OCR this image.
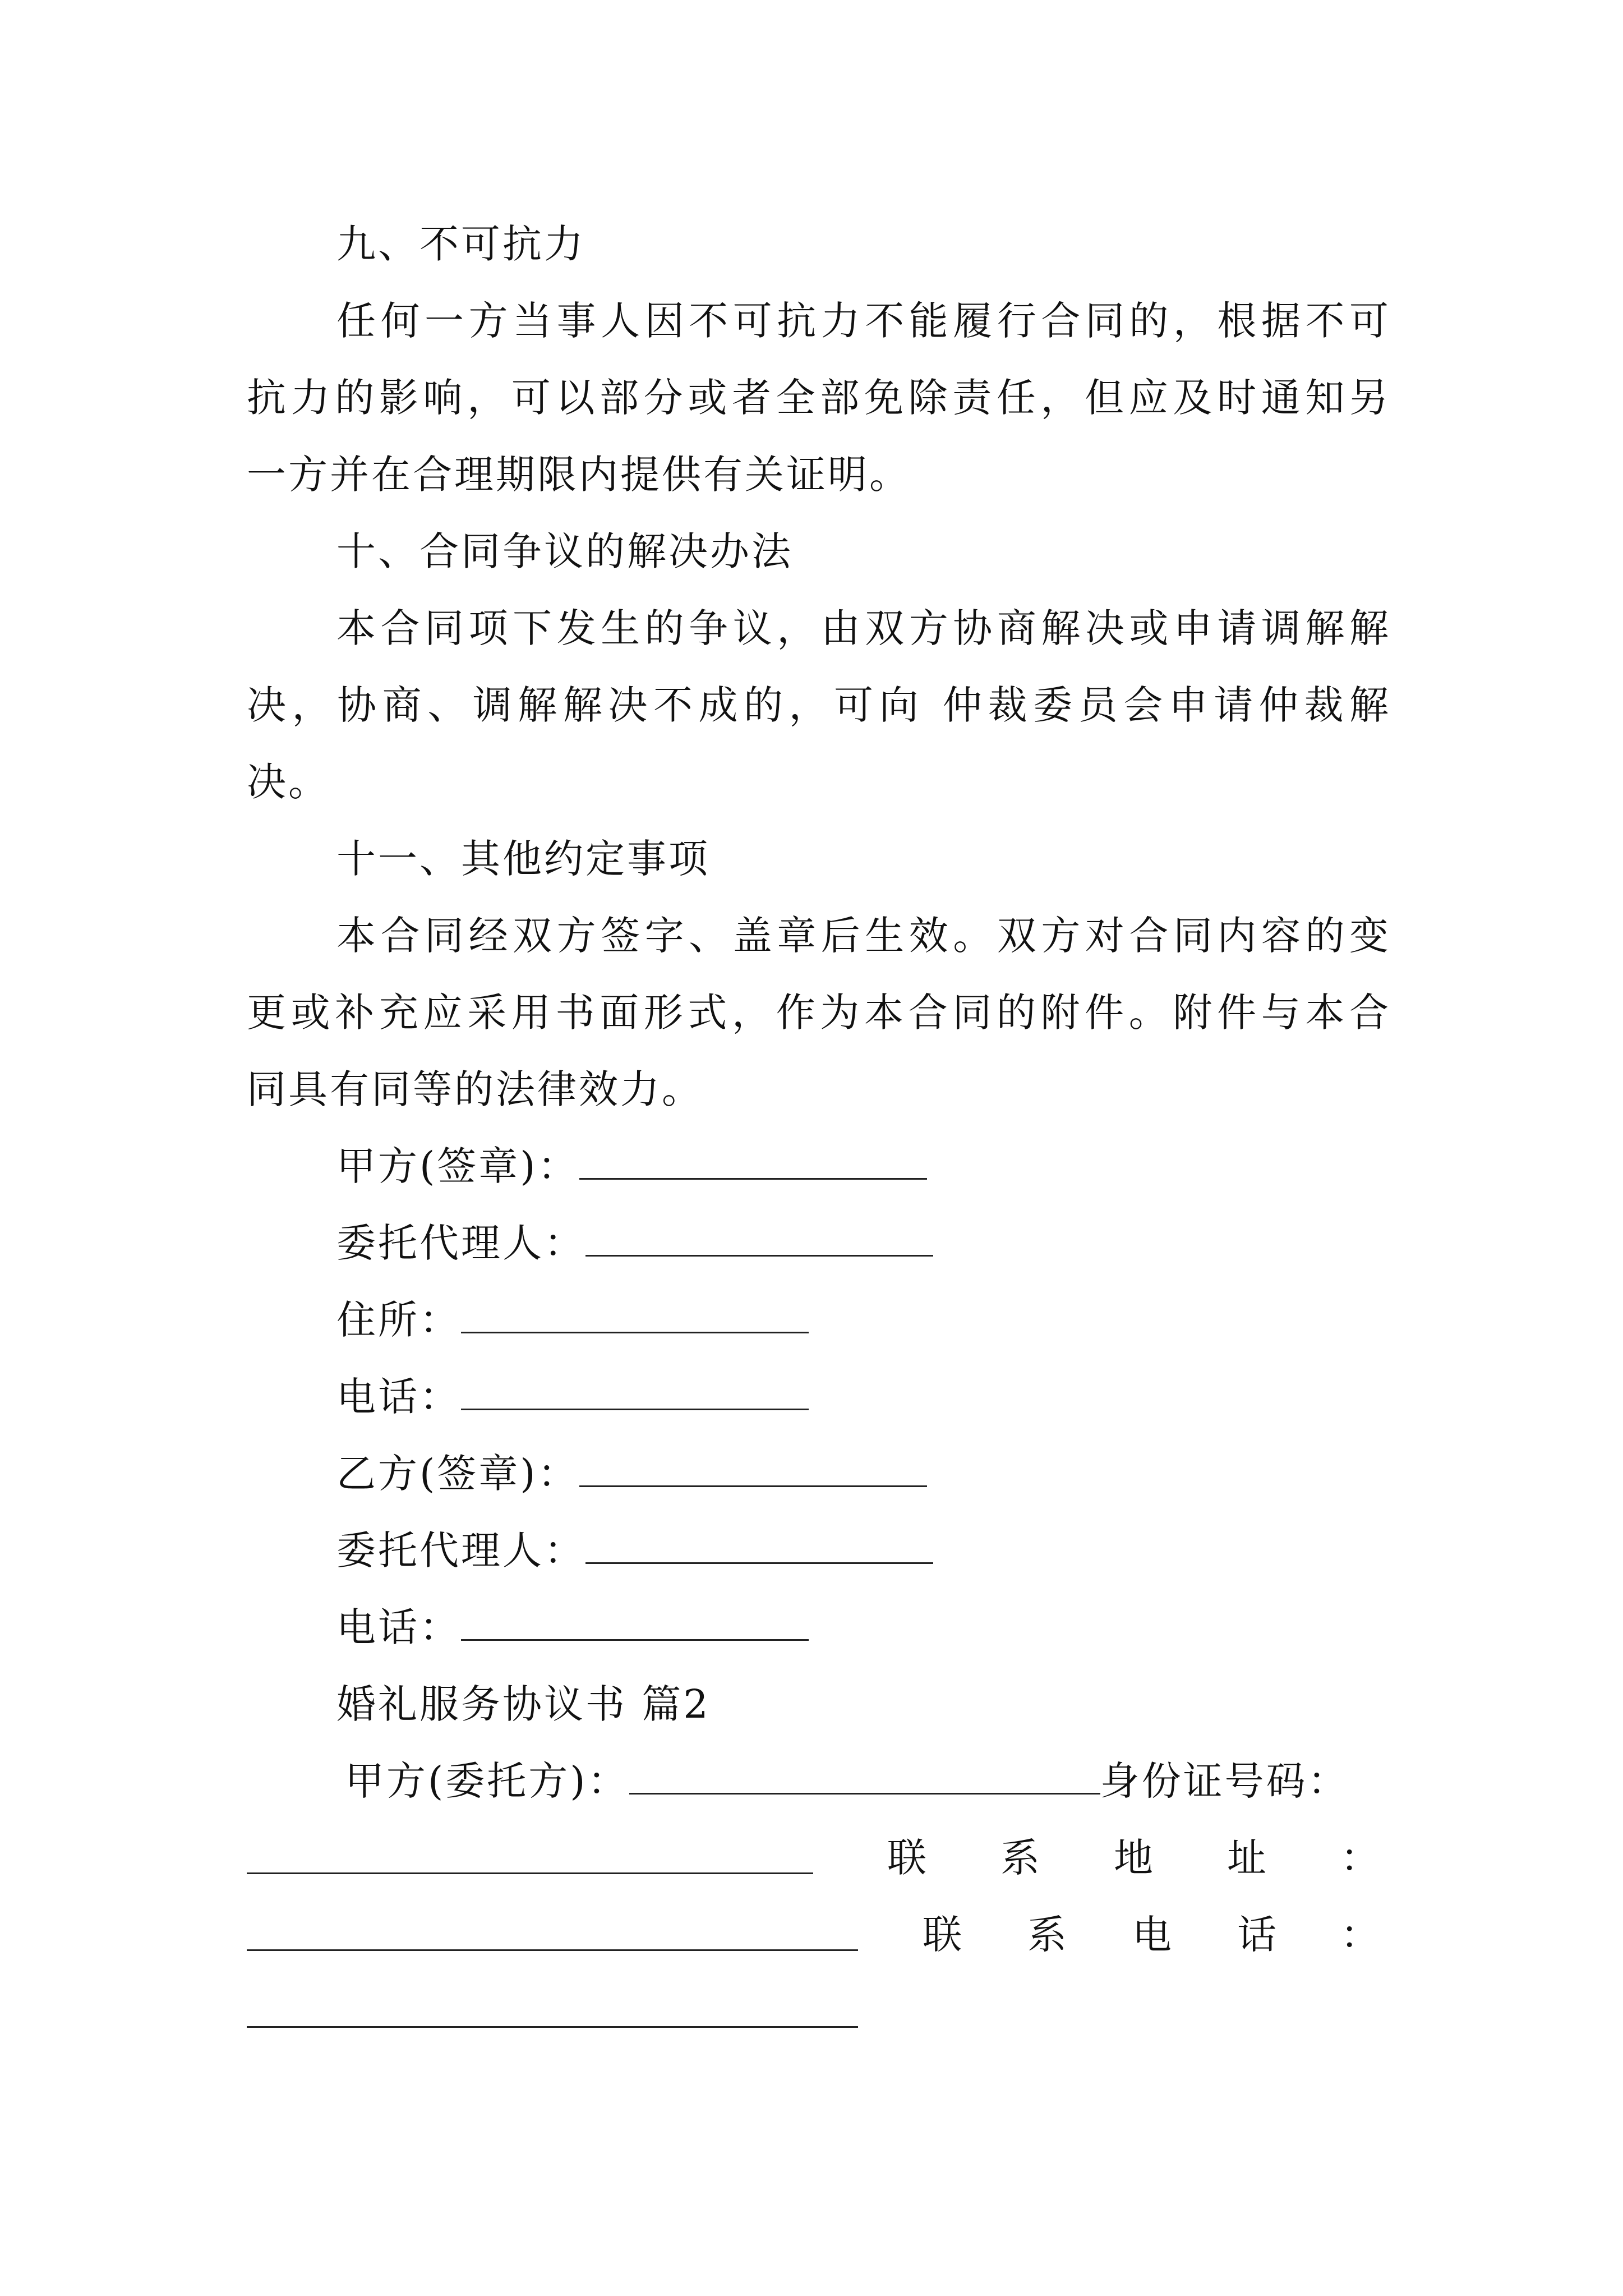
九、不可抗力
任何一方当事人因不可抗力不能履行合同的，根据不可
抗力的影响，可以部分或者全部免除责任，但应及时通知另
一方并在合理期限内提供有关证明。
十、合同争议的解决办法
本合同项下发生的争议，由双方协商解决或申请调解解
决，协商、调解解决不成的，可向 仲裁委员会申请仲裁解
决。
十一、其他约定事项
本合同经双方签字、盖章后生效。双方对合同内容的变
更或补充应采用书面形式，作为本合同的附件。附件与本合
同具有同等的法律效力。
甲方(签章)：
委托代理人：
住所：
电话：
乙方(签章)：
委托代理人：
电话：
婚礼服务协议书 篇2
甲方(委托方)：	身份证号码：
联 系 地 址 ：
联 系 电 话 ：
